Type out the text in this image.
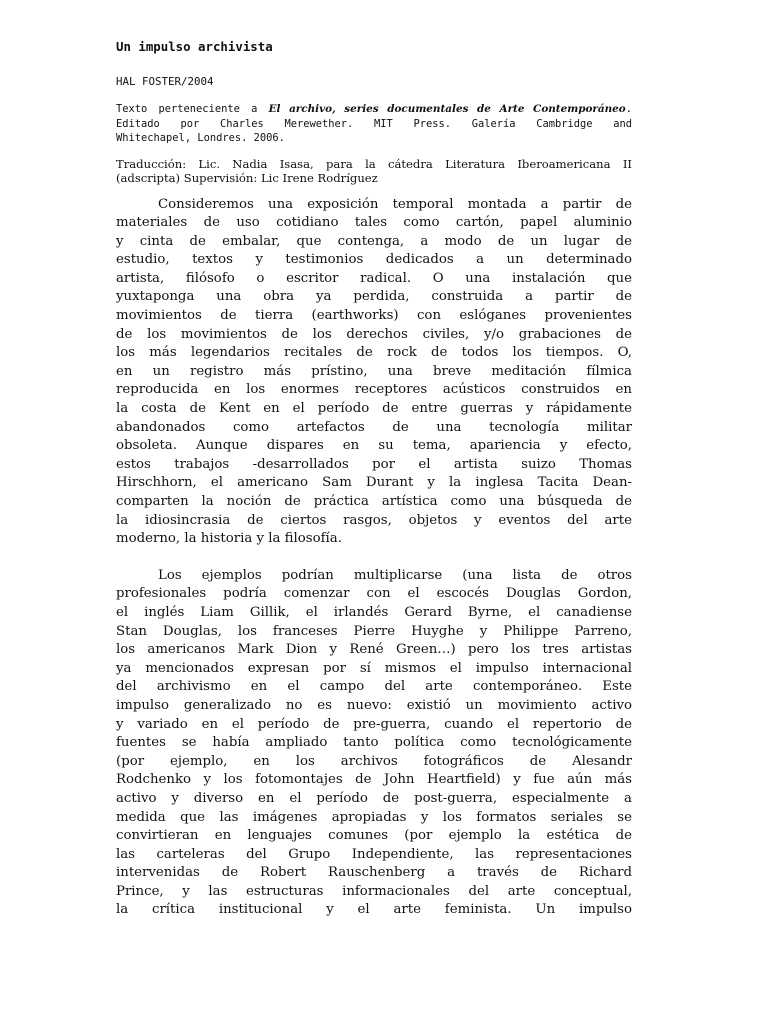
Un impulso archivista
HAL FOSTER/2004
Texto perteneciente a El archivo, series documentales de Arte Contemporáneo.
Editado por Charles Merewether. MIT Press. Galería Cambridge and
Whitechapel, Londres. 2006.
Traducción: Lic. Nadia Isasa, para la cátedra Literatura Iberoamericana II
(adscripta) Supervisión: Lic Irene Rodríguez
Consideremos una exposición temporal montada a partir de
materiales de uso cotidiano tales como cartón, papel aluminio
y cinta de embalar, que contenga, a modo de un lugar de
estudio, textos y testimonios dedicados a un determinado
artista, filósofo o escritor radical. O una instalación que
yuxtaponga una obra ya perdida, construida a partir de
movimientos de tierra (earthworks) con eslóganes provenientes
de los movimientos de los derechos civiles, y/o grabaciones de
los más legendarios recitales de rock de todos los tiempos. O,
en un registro más prístino, una breve meditación fílmica
reproducida en los enormes receptores acústicos construidos en
la costa de Kent en el período de entre guerras y rápidamente
abandonados como artefactos de una tecnología militar
obsoleta. Aunque dispares en su tema, apariencia y efecto,
estos trabajos -desarrollados por el artista suizo Thomas
Hirschhorn, el americano Sam Durant y la inglesa Tacita Dean-
comparten la noción de práctica artística como una búsqueda de
la idiosincrasia de ciertos rasgos, objetos y eventos del arte
moderno, la historia y la filosofía.
Los ejemplos podrían multiplicarse (una lista de otros
profesionales podría comenzar con el escocés Douglas Gordon,
el inglés Liam Gillik, el irlandés Gerard Byrne, el canadiense
Stan Douglas, los franceses Pierre Huyghe y Philippe Parreno,
los americanos Mark Dion y René Green…) pero los tres artistas
ya mencionados expresan por sí mismos el impulso internacional
del archivismo en el campo del arte contemporáneo. Este
impulso generalizado no es nuevo: existió un movimiento activo
y variado en el período de pre-guerra, cuando el repertorio de
fuentes se había ampliado tanto política como tecnológicamente
(por ejemplo, en los archivos fotográficos de Alesandr
Rodchenko y los fotomontajes de John Heartfield) y fue aún más
activo y diverso en el período de post-guerra, especialmente a
medida que las imágenes apropiadas y los formatos seriales se
convirtieran en lenguajes comunes (por ejemplo la estética de
las carteleras del Grupo Independiente, las representaciones
intervenidas de Robert Rauschenberg a través de Richard
Prince, y las estructuras informacionales del arte conceptual,
la crítica institucional y el arte feminista. Un impulso
